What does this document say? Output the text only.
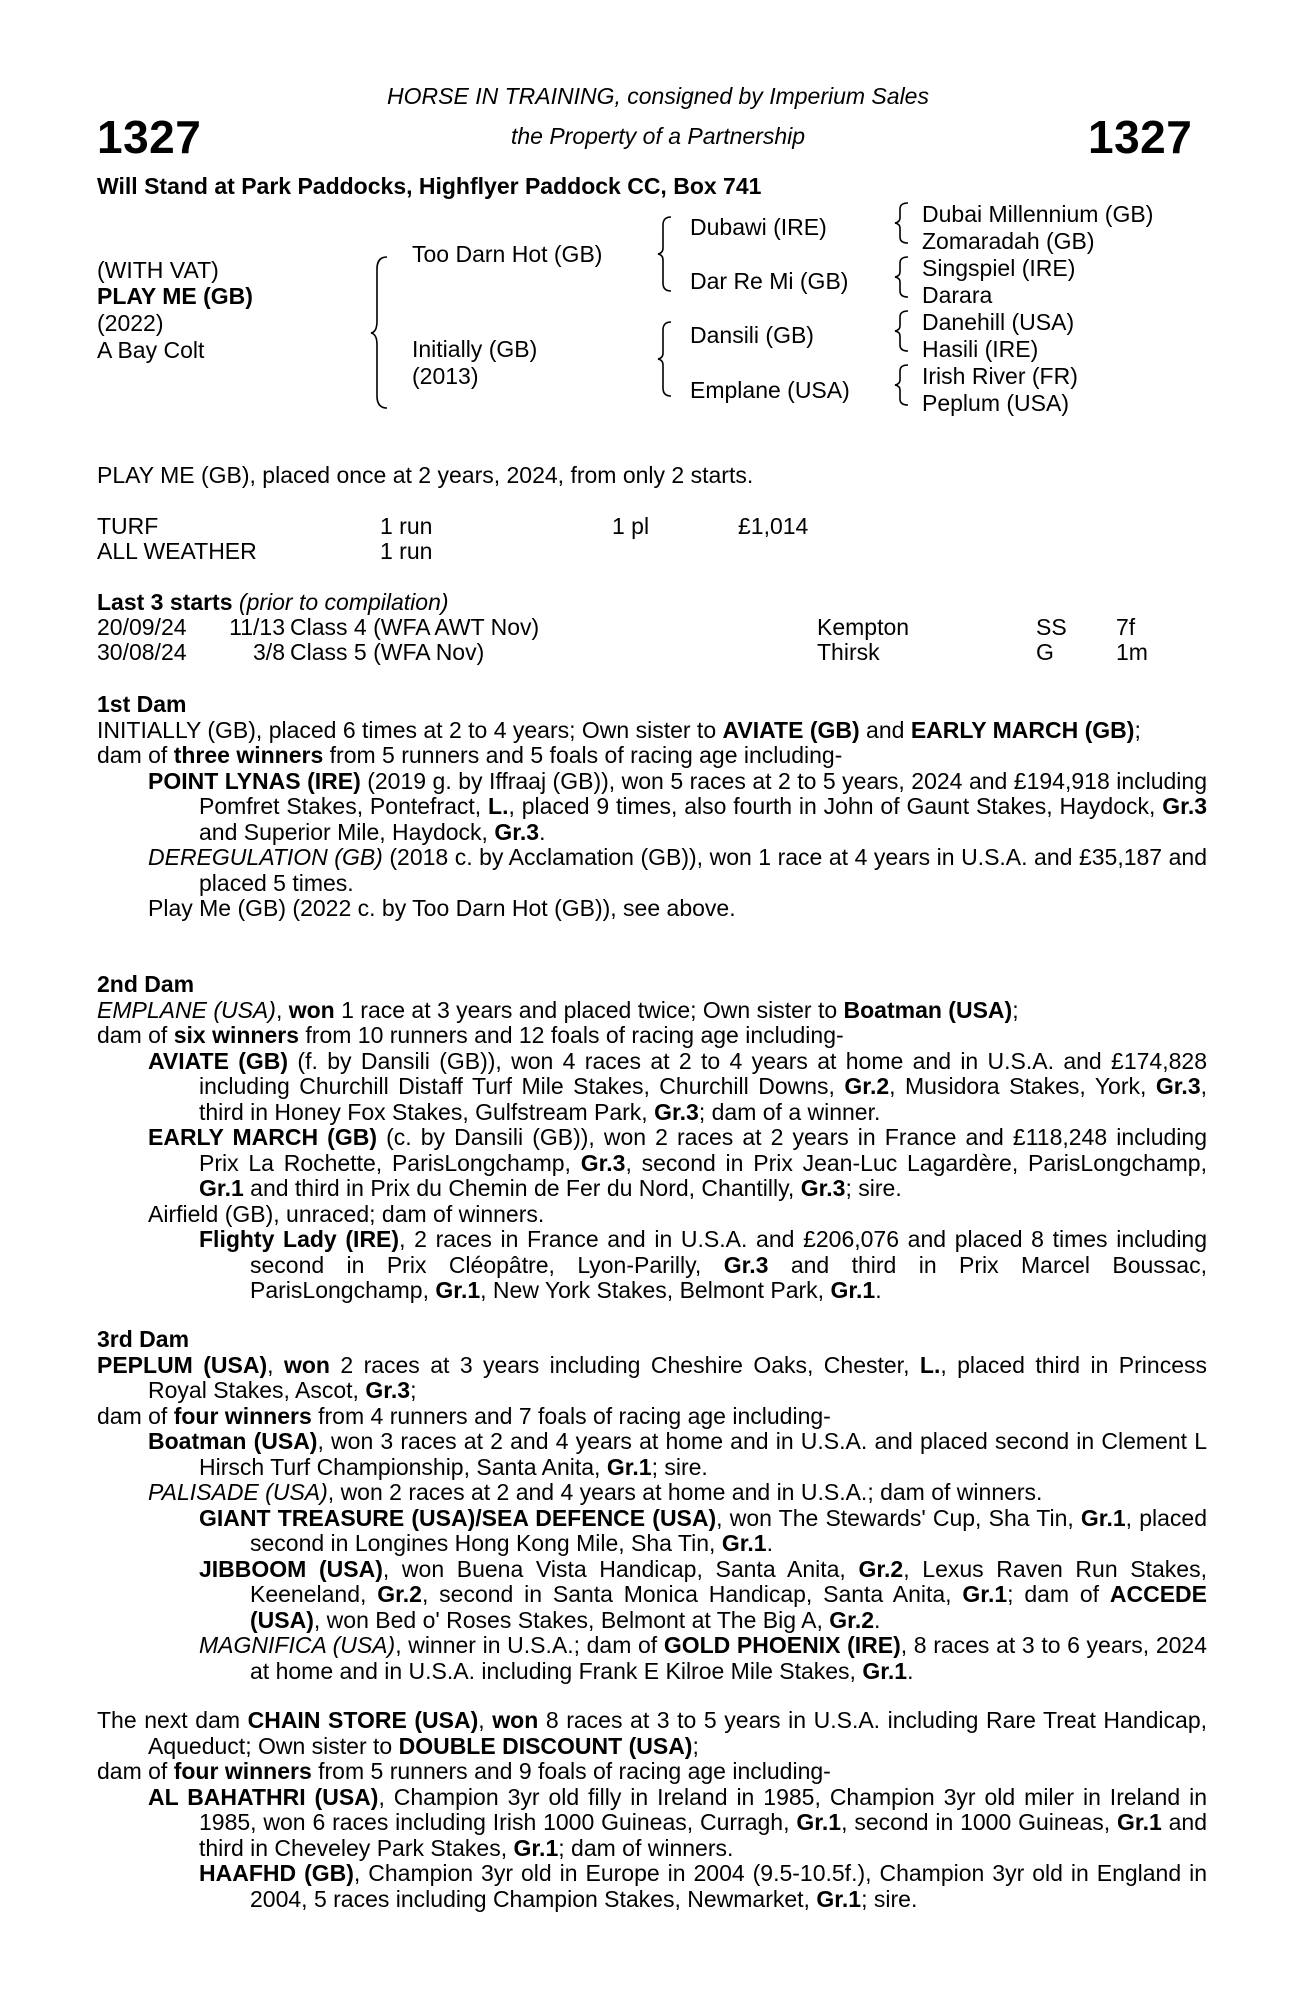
1327	1327
HORSE IN TRAINING, consigned by Imperium Sales
the Property of a Partnership
Will Stand at Park Paddocks, Highflyer Paddock CC, Box 741
(WITH VAT)
PLAY ME (GB)
(2022)
A Bay Colt
Too Darn Hot (GB)
Initially (GB)
(2013)
Dubawi (IRE)
Dar Re Mi (GB)
Dansili (GB)
Emplane (USA)
Dubai Millennium (GB)
Zomaradah (GB)
Singspiel (IRE)
Darara
Danehill (USA)
Hasili (IRE)
Irish River (FR)
Peplum (USA)
PLAY ME (GB), placed once at 2 years, 2024, from only 2 starts.
TURF	1 run	1 pl	£1,014
ALL WEATHER	1 run
Last 3 starts (prior to compilation)
20/09/24 11/13 Class 4 (WFA AWT Nov)	Kempton	SS 7f
30/08/24	3/8 Class 5 (WFA Nov)	Thirsk	G	1m
1st Dam
INITIALLY (GB), placed 6 times at 2 to 4 years; Own sister to AVIATE (GB) and EARLY MARCH (GB);
dam of three winners from 5 runners and 5 foals of racing age including-
POINT LYNAS (IRE) (2019 g. by Iffraaj (GB)), won 5 races at 2 to 5 years, 2024 and £194,918 including Pomfret Stakes, Pontefract, L., placed 9 times, also fourth in John of Gaunt Stakes, Haydock, Gr.3 and Superior Mile, Haydock, Gr.3.
DEREGULATION (GB) (2018 c. by Acclamation (GB)), won 1 race at 4 years in U.S.A. and £35,187 and placed 5 times.
Play Me (GB) (2022 c. by Too Darn Hot (GB)), see above.
2nd Dam
EMPLANE (USA), won 1 race at 3 years and placed twice; Own sister to Boatman (USA);
dam of six winners from 10 runners and 12 foals of racing age including-
AVIATE (GB) (f. by Dansili (GB)), won 4 races at 2 to 4 years at home and in U.S.A. and £174,828 including Churchill Distaff Turf Mile Stakes, Churchill Downs, Gr.2, Musidora Stakes, York, Gr.3, third in Honey Fox Stakes, Gulfstream Park, Gr.3; dam of a winner.
EARLY MARCH (GB) (c. by Dansili (GB)), won 2 races at 2 years in France and £118,248 including Prix La Rochette, ParisLongchamp, Gr.3, second in Prix Jean-Luc Lagardère, ParisLongchamp, Gr.1 and third in Prix du Chemin de Fer du Nord, Chantilly, Gr.3; sire.
Airfield (GB), unraced; dam of winners.
Flighty Lady (IRE), 2 races in France and in U.S.A. and £206,076 and placed 8 times including second in Prix Cléopâtre, Lyon-Parilly, Gr.3 and third in Prix Marcel Boussac, ParisLongchamp, Gr.1, New York Stakes, Belmont Park, Gr.1.
3rd Dam
PEPLUM (USA), won 2 races at 3 years including Cheshire Oaks, Chester, L., placed third in Princess Royal Stakes, Ascot, Gr.3;
dam of four winners from 4 runners and 7 foals of racing age including-
Boatman (USA), won 3 races at 2 and 4 years at home and in U.S.A. and placed second in Clement L Hirsch Turf Championship, Santa Anita, Gr.1; sire.
PALISADE (USA), won 2 races at 2 and 4 years at home and in U.S.A.; dam of winners.
GIANT TREASURE (USA)/SEA DEFENCE (USA), won The Stewards' Cup, Sha Tin, Gr.1, placed second in Longines Hong Kong Mile, Sha Tin, Gr.1.
JIBBOOM (USA), won Buena Vista Handicap, Santa Anita, Gr.2, Lexus Raven Run Stakes, Keeneland, Gr.2, second in Santa Monica Handicap, Santa Anita, Gr.1; dam of ACCEDE (USA), won Bed o' Roses Stakes, Belmont at The Big A, Gr.2.
MAGNIFICA (USA), winner in U.S.A.; dam of GOLD PHOENIX (IRE), 8 races at 3 to 6 years, 2024 at home and in U.S.A. including Frank E Kilroe Mile Stakes, Gr.1.
The next dam CHAIN STORE (USA), won 8 races at 3 to 5 years in U.S.A. including Rare Treat Handicap, Aqueduct; Own sister to DOUBLE DISCOUNT (USA);
dam of four winners from 5 runners and 9 foals of racing age including-
AL BAHATHRI (USA), Champion 3yr old filly in Ireland in 1985, Champion 3yr old miler in Ireland in 1985, won 6 races including Irish 1000 Guineas, Curragh, Gr.1, second in 1000 Guineas, Gr.1 and third in Cheveley Park Stakes, Gr.1; dam of winners.
HAAFHD (GB), Champion 3yr old in Europe in 2004 (9.5-10.5f.), Champion 3yr old in England in 2004, 5 races including Champion Stakes, Newmarket, Gr.1; sire.
